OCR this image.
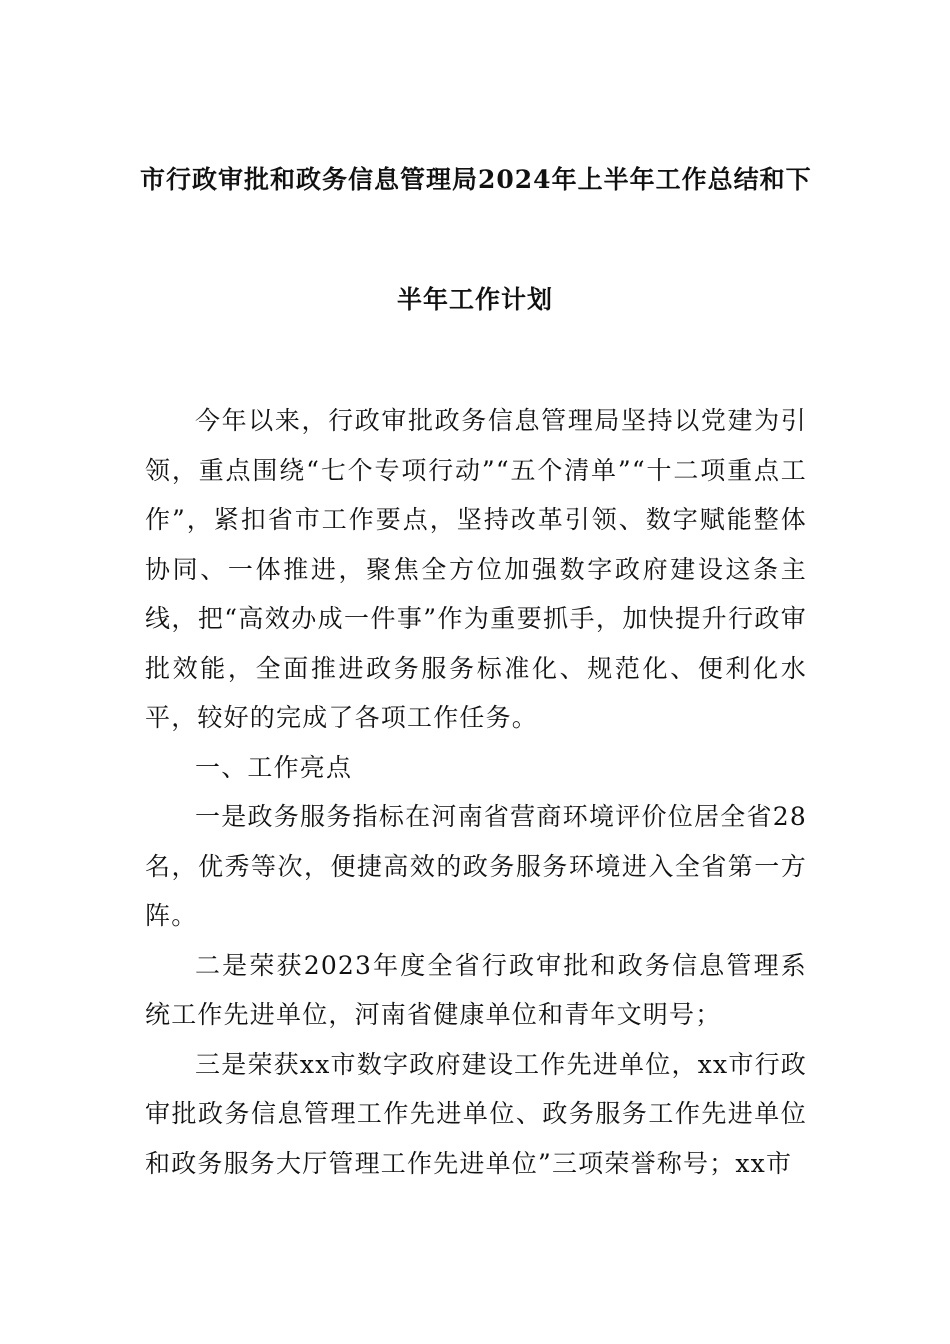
市行政审批和政务信息管理局2024年上半年工作总结和下
半年工作计划

今年以来，行政审批政务信息管理局坚持以党建为引领，重点围绕“七个专项行动”“五个清单”“十二项重点工作”，紧扣省市工作要点，坚持改革引领、数字赋能整体协同、一体推进，聚焦全方位加强数字政府建设这条主线，把“高效办成一件事”作为重要抓手，加快提升行政审批效能，全面推进政务服务标准化、规范化、便利化水平，较好的完成了各项工作任务。

一、工作亮点

一是政务服务指标在河南省营商环境评价位居全省28名，优秀等次，便捷高效的政务服务环境进入全省第一方阵。

二是荣获2023年度全省行政审批和政务信息管理系统工作先进单位，河南省健康单位和青年文明号；

三是荣获xx市数字政府建设工作先进单位，xx市行政审批政务信息管理工作先进单位、政务服务工作先进单位和政务服务大厅管理工作先进单位”三项荣誉称号；xx市
